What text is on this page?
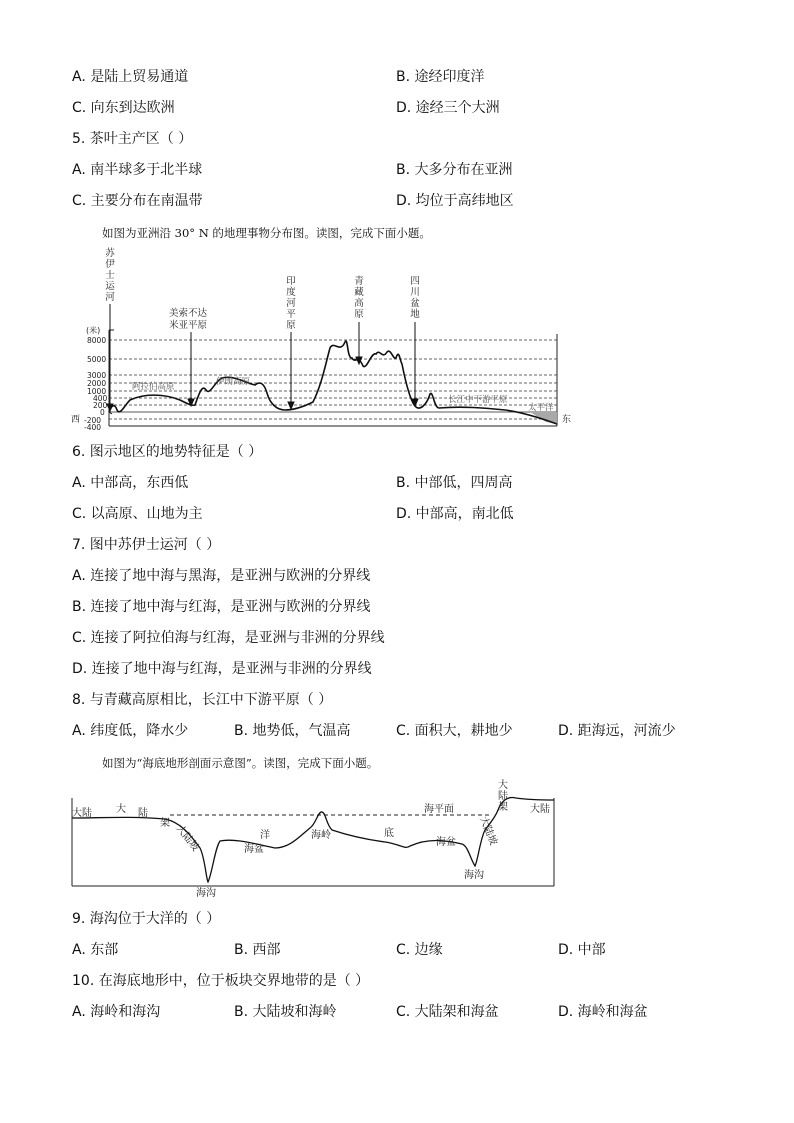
A. 是陆上贸易通道	B. 途经印度洋
C. 向东到达欧洲	D. 途经三个大洲
5. 茶叶主产区（ ）
A. 南半球多于北半球	B. 大多分布在亚洲
C. 主要分布在南温带	D. 均位于高纬地区
如图为亚洲沿 30° N 的地理事物分布图。读图，完成下面小题。
(米)
8000
5000
3000
2000
1000
400
200
0
-200
-400
苏
伊
士
运
河
美索不达
米亚平原
印
度
河
平
原
青
藏
高
原
四
川
盆
地
阿拉伯高原	伊朗高原
长江中下游平原
太平洋
西	东
6. 图示地区的地势特征是（ ）
A. 中部高，东西低	B. 中部低，四周高
C. 以高原、山地为主	D. 中部高，南北低
7. 图中苏伊士运河（ ）
A. 连接了地中海与黑海，是亚洲与欧洲的分界线
B. 连接了地中海与红海，是亚洲与欧洲的分界线
C. 连接了阿拉伯海与红海，是亚洲与非洲的分界线
D. 连接了地中海与红海，是亚洲与非洲的分界线
8. 与青藏高原相比，长江中下游平原（ ）
A. 纬度低，降水少	B. 地势低，气温高	C. 面积大，耕地少	D. 距海远，河流少
如图为“海底地形剖面示意图”。读图，完成下面小题。
大陆 大 陆
架 大陆坡
海沟
洋
海盆
海岭	底
海盆
海平面
海沟
大陆坡
大
陆
架 大陆
9. 海沟位于大洋的（ ）
A. 东部	B. 西部	C. 边缘	D. 中部
10. 在海底地形中，位于板块交界地带的是（ ）
A. 海岭和海沟	B. 大陆坡和海岭	C. 大陆架和海盆	D. 海岭和海盆
